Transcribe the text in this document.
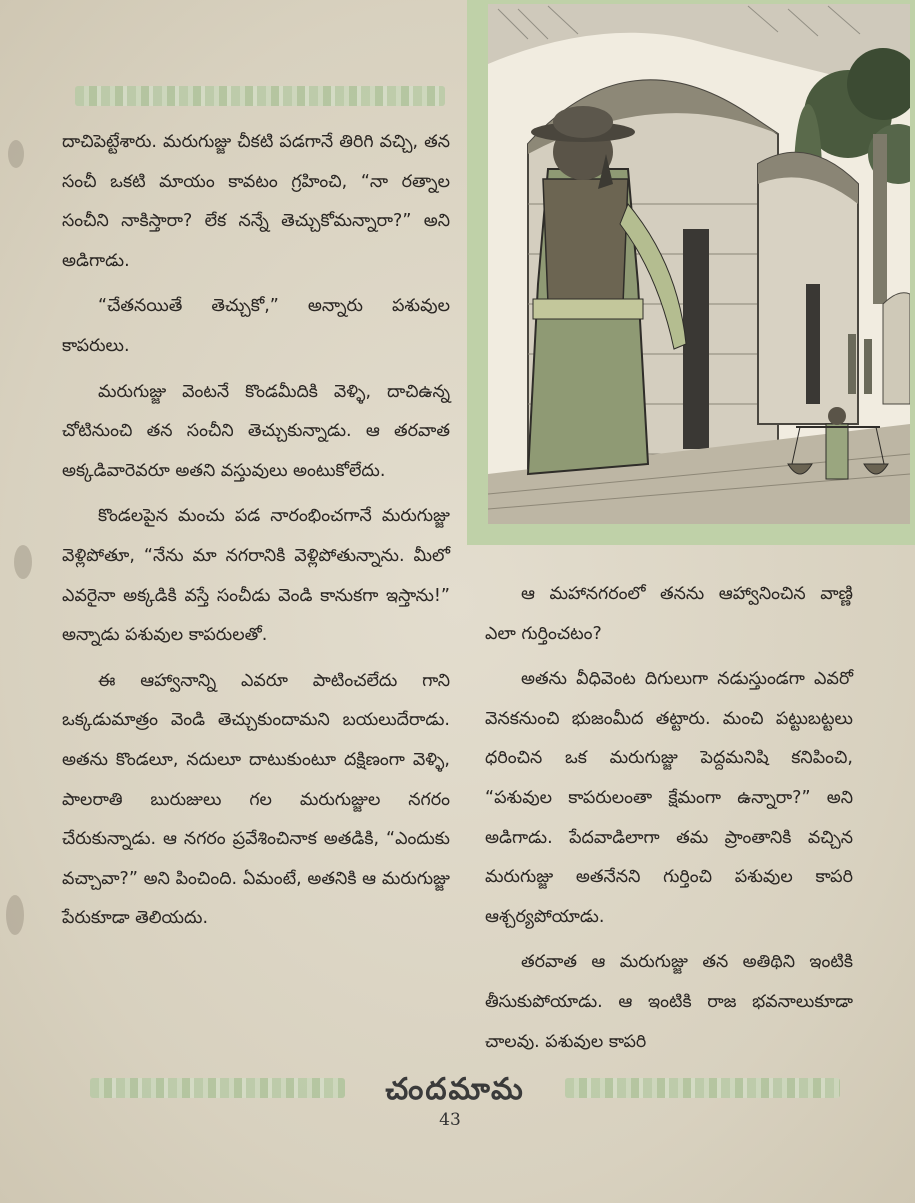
దాచిపెట్టేశారు. మరుగుజ్జు చీకటి పడగానే తిరిగి వచ్చి, తన సంచీ ఒకటి మాయం కావటం గ్రహించి, “నా రత్నాల సంచీని నాకిస్తారా? లేక నన్నే తెచ్చుకోమన్నారా?” అని అడిగాడు.

“చేతనయితే తెచ్చుకో,” అన్నారు పశువుల కాపరులు.

మరుగుజ్జు వెంటనే కొండమీదికి వెళ్ళి, దాచిఉన్న చోటినుంచి తన సంచీని తెచ్చుకున్నాడు. ఆ తరవాత అక్కడివారెవరూ అతని వస్తువులు అంటుకోలేదు.

కొండలపైన మంచు పడ నారంభించగానే మరుగుజ్జు వెళ్లిపోతూ, “నేను మా నగరానికి వెళ్లిపోతున్నాను. మీలో ఎవరైనా అక్కడికి వస్తే సంచీడు వెండి కానుకగా ఇస్తాను!” అన్నాడు పశువుల కాపరులతో.

ఈ ఆహ్వానాన్ని ఎవరూ పాటించలేదు గాని ఒక్కడుమాత్రం వెండి తెచ్చుకుందామని బయలుదేరాడు. అతను కొండలూ, నదులూ దాటుకుంటూ దక్షిణంగా వెళ్ళి, పాలరాతి బురుజులు గల మరుగుజ్జుల నగరం చేరుకున్నాడు. ఆ నగరం ప్రవేశించినాక అతడికి, “ఎందుకు వచ్చావా?” అని పించింది. ఏమంటే, అతనికి ఆ మరుగుజ్జు పేరుకూడా తెలియదు.

ఆ మహానగరంలో తనను ఆహ్వానించిన వాణ్ణి ఎలా గుర్తించటం?

అతను వీధివెంట దిగులుగా నడుస్తుండగా ఎవరో వెనకనుంచి భుజంమీద తట్టారు. మంచి పట్టుబట్టలు ధరించిన ఒక మరుగుజ్జు పెద్దమనిషి కనిపించి, “పశువుల కాపరులంతా క్షేమంగా ఉన్నారా?” అని అడిగాడు. పేదవాడిలాగా తమ ప్రాంతానికి వచ్చిన మరుగుజ్జు అతనేనని గుర్తించి పశువుల కాపరి ఆశ్చర్యపోయాడు.

తరవాత ఆ మరుగుజ్జు తన అతిథిని ఇంటికి తీసుకుపోయాడు. ఆ ఇంటికి రాజ భవనాలుకూడా చాలవు. పశువుల కాపరి

చందమామ
43
